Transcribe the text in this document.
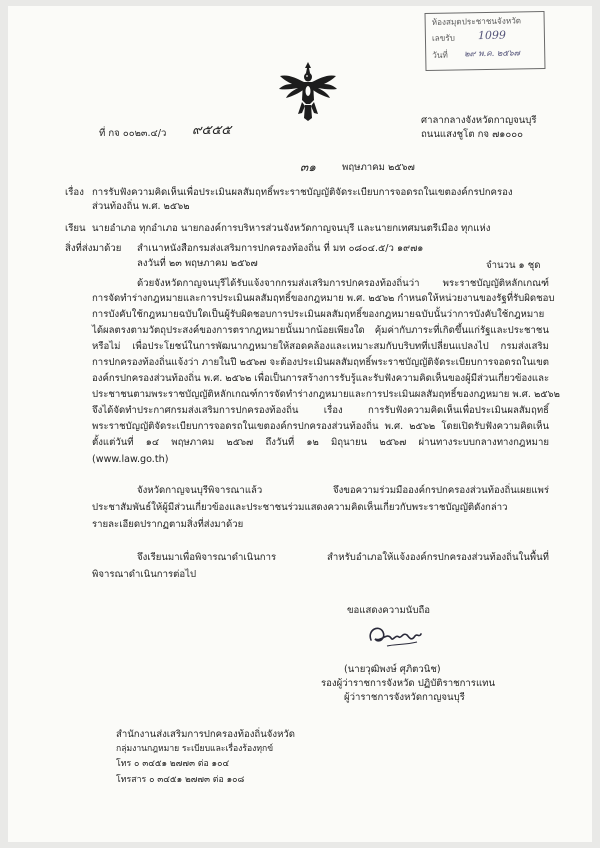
ห้องสมุดประชาชนจังหวัด
เลขรับ 1099
วันที่ ๒๙ พ.ค. ๒๕๖๗
ที่ กจ ๐๐๒๓.๔/ว ๙๕๕๕
ศาลากลางจังหวัดกาญจนบุรี
ถนนแสงชูโต กจ ๗๑๐๐๐
๓๑	พฤษภาคม ๒๕๖๗
เรื่อง การรับฟังความคิดเห็นเพื่อประเมินผลสัมฤทธิ์พระราชบัญญัติจัดระเบียบการจอดรถในเขตองค์กรปกครอง
ส่วนท้องถิ่น พ.ศ. ๒๕๖๒
เรียน นายอำเภอ ทุกอำเภอ นายกองค์การบริหารส่วนจังหวัดกาญจนบุรี และนายกเทศมนตรีเมือง ทุกแห่ง
สิ่งที่ส่งมาด้วย สำเนาหนังสือกรมส่งเสริมการปกครองท้องถิ่น ที่ มท ๐๘๐๔.๕/ว ๑๙๗๑
ลงวันที่ ๒๓ พฤษภาคม ๒๕๖๗	จำนวน ๑ ชุด
ด้วยจังหวัดกาญจนบุรีได้รับแจ้งจากกรมส่งเสริมการปกครองท้องถิ่นว่า พระราชบัญญัติหลักเกณฑ์
การจัดทำร่างกฎหมายและการประเมินผลสัมฤทธิ์ของกฎหมาย พ.ศ. ๒๕๖๒ กำหนดให้หน่วยงานของรัฐที่รับผิดชอบ
การบังคับใช้กฎหมายฉบับใดเป็นผู้รับผิดชอบการประเมินผลสัมฤทธิ์ของกฎหมายฉบับนั้นว่าการบังคับใช้กฎหมาย
ได้ผลตรงตามวัตถุประสงค์ของการตรากฎหมายนั้นมากน้อยเพียงใด คุ้มค่ากับภาระที่เกิดขึ้นแก่รัฐและประชาชน
หรือไม่ เพื่อประโยชน์ในการพัฒนากฎหมายให้สอดคล้องและเหมาะสมกับบริบทที่เปลี่ยนแปลงไป กรมส่งเสริม
การปกครองท้องถิ่นแจ้งว่า ภายในปี ๒๕๖๗ จะต้องประเมินผลสัมฤทธิ์พระราชบัญญัติจัดระเบียบการจอดรถในเขต
องค์กรปกครองส่วนท้องถิ่น พ.ศ. ๒๕๖๒ เพื่อเป็นการสร้างการรับรู้และรับฟังความคิดเห็นของผู้มีส่วนเกี่ยวข้องและ
ประชาชนตามพระราชบัญญัติหลักเกณฑ์การจัดทำร่างกฎหมายและการประเมินผลสัมฤทธิ์ของกฎหมาย พ.ศ. ๒๕๖๒
จึงได้จัดทำประกาศกรมส่งเสริมการปกครองท้องถิ่น เรื่อง การรับฟังความคิดเห็นเพื่อประเมินผลสัมฤทธิ์
พระราชบัญญัติจัดระเบียบการจอดรถในเขตองค์กรปกครองส่วนท้องถิ่น พ.ศ. ๒๕๖๒ โดยเปิดรับฟังความคิดเห็น
ตั้งแต่วันที่ ๑๔ พฤษภาคม ๒๕๖๗ ถึงวันที่ ๑๒ มิถุนายน ๒๕๖๗ ผ่านทางระบบกลางทางกฎหมาย
(www.law.go.th)
จังหวัดกาญจนบุรีพิจารณาแล้ว จึงขอความร่วมมือองค์กรปกครองส่วนท้องถิ่นเผยแพร่
ประชาสัมพันธ์ให้ผู้มีส่วนเกี่ยวข้องและประชาชนร่วมแสดงความคิดเห็นเกี่ยวกับพระราชบัญญัติดังกล่าว
รายละเอียดปรากฏตามสิ่งที่ส่งมาด้วย
จึงเรียนมาเพื่อพิจารณาดำเนินการ สำหรับอำเภอให้แจ้งองค์กรปกครองส่วนท้องถิ่นในพื้นที่
พิจารณาดำเนินการต่อไป
ขอแสดงความนับถือ
(นายวุฒิพงษ์ ศุภิตวนิช)
รองผู้ว่าราชการจังหวัด ปฏิบัติราชการแทน
ผู้ว่าราชการจังหวัดกาญจนบุรี
สำนักงานส่งเสริมการปกครองท้องถิ่นจังหวัด
กลุ่มงานกฎหมาย ระเบียบและเรื่องร้องทุกข์
โทร ๐ ๓๔๕๑ ๒๗๗๓ ต่อ ๑๐๔
โทรสาร ๐ ๓๔๕๑ ๒๗๗๓ ต่อ ๑๐๘
